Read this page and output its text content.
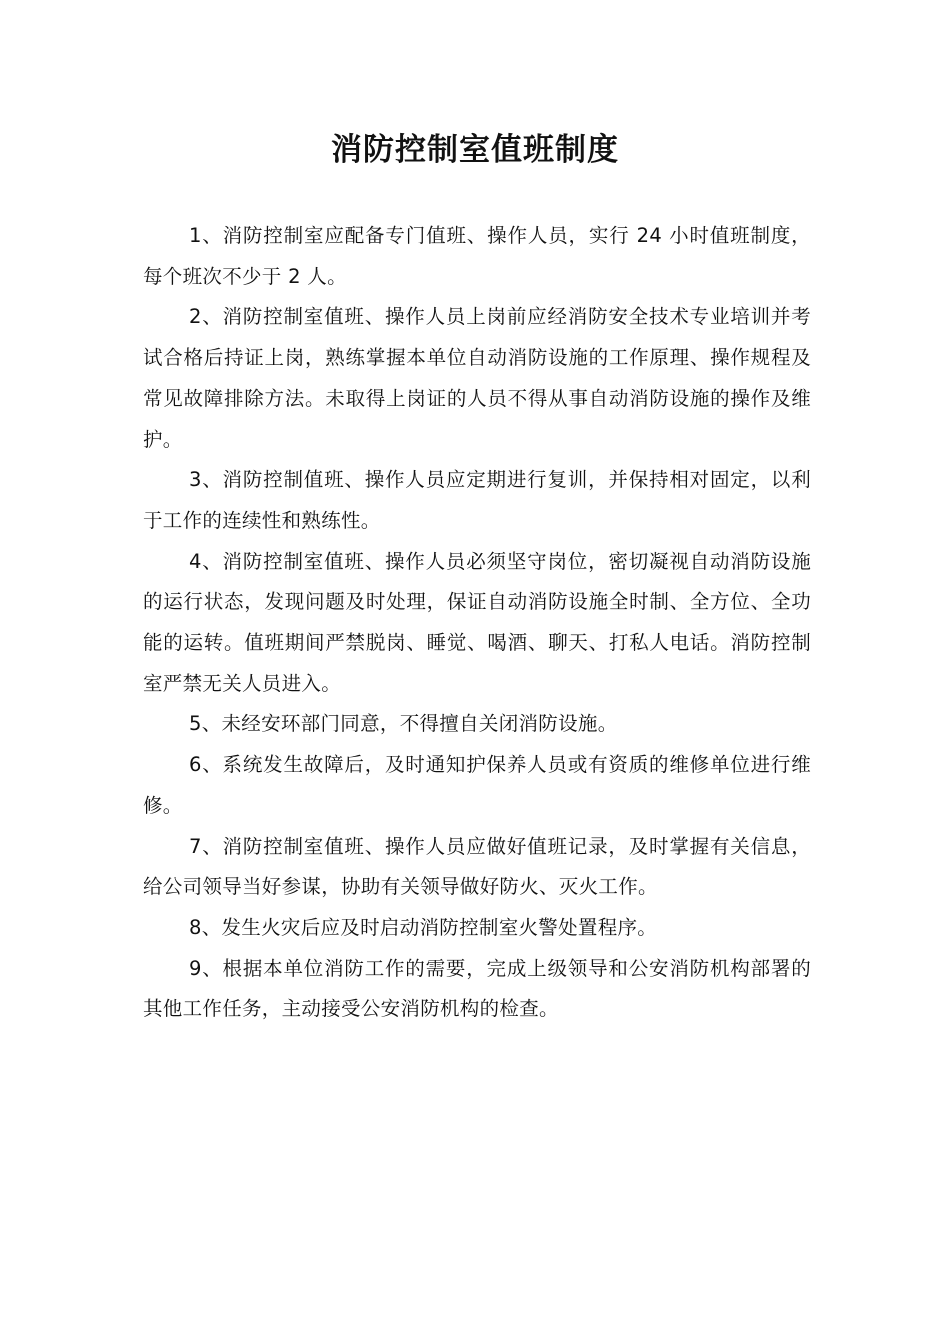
消防控制室值班制度

1、消防控制室应配备专门值班、操作人员，实行 24 小时值班制度，每个班次不少于 2 人。

2、消防控制室值班、操作人员上岗前应经消防安全技术专业培训并考试合格后持证上岗，熟练掌握本单位自动消防设施的工作原理、操作规程及常见故障排除方法。未取得上岗证的人员不得从事自动消防设施的操作及维护。

3、消防控制值班、操作人员应定期进行复训，并保持相对固定，以利于工作的连续性和熟练性。

4、消防控制室值班、操作人员必须坚守岗位，密切凝视自动消防设施的运行状态，发现问题及时处理，保证自动消防设施全时制、全方位、全功能的运转。值班期间严禁脱岗、睡觉、喝酒、聊天、打私人电话。消防控制室严禁无关人员进入。

5、未经安环部门同意，不得擅自关闭消防设施。

6、系统发生故障后，及时通知护保养人员或有资质的维修单位进行维修。

7、消防控制室值班、操作人员应做好值班记录，及时掌握有关信息，给公司领导当好参谋，协助有关领导做好防火、灭火工作。

8、发生火灾后应及时启动消防控制室火警处置程序。

9、根据本单位消防工作的需要，完成上级领导和公安消防机构部署的其他工作任务，主动接受公安消防机构的检查。
